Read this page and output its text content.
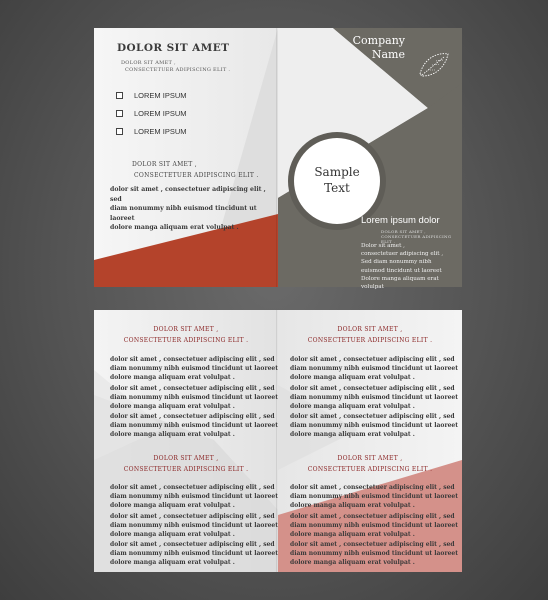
DOLOR SIT AMET
DOLOR SIT AMET ,
CONSECTETUER ADIPISCING ELIT .
LOREM IPSUM
LOREM IPSUM
LOREM IPSUM
DOLOR SIT AMET ,
CONSECTETUER ADIPISCING ELIT .
dolor sit amet , consectetuer adipiscing elit , sed
diam nonummy nibh euismod tincidunt ut laoreet
dolore manga aliquam erat volulpat .
Company
Name
Sample
Text
Lorem ipsum dolor
DOLOR SIT AMET ,
CONSECTETUER ADIPISCING ELIT .
Dolor sit amet ,
consectetuer adipiscing elit ,
Sed diam nonummy nibh
euismod tincidunt ut laoreet
Dolore manga aliquam erat volulpat
DOLOR SIT AMET ,
CONSECTETUER ADIPISCING ELIT .
dolor sit amet , consectetuer adipiscing elit , sed
diam nonummy nibh euismod tincidunt ut laoreet
dolore manga aliquam erat volulpat .
dolor sit amet , consectetuer adipiscing elit , sed
diam nonummy nibh euismod tincidunt ut laoreet
dolore manga aliquam erat volulpat .
dolor sit amet , consectetuer adipiscing elit , sed
diam nonummy nibh euismod tincidunt ut laoreet
dolore manga aliquam erat volulpat .
DOLOR SIT AMET ,
CONSECTETUER ADIPISCING ELIT .
dolor sit amet , consectetuer adipiscing elit , sed
diam nonummy nibh euismod tincidunt ut laoreet
dolore manga aliquam erat volulpat .
dolor sit amet , consectetuer adipiscing elit , sed
diam nonummy nibh euismod tincidunt ut laoreet
dolore manga aliquam erat volulpat .
dolor sit amet , consectetuer adipiscing elit , sed
diam nonummy nibh euismod tincidunt ut laoreet
dolore manga aliquam erat volulpat .
DOLOR SIT AMET ,
CONSECTETUER ADIPISCING ELIT .
dolor sit amet , consectetuer adipiscing elit , sed
diam nonummy nibh euismod tincidunt ut laoreet
dolore manga aliquam erat volulpat .
dolor sit amet , consectetuer adipiscing elit , sed
diam nonummy nibh euismod tincidunt ut laoreet
dolore manga aliquam erat volulpat .
dolor sit amet , consectetuer adipiscing elit , sed
diam nonummy nibh euismod tincidunt ut laoreet
dolore manga aliquam erat volulpat .
DOLOR SIT AMET ,
CONSECTETUER ADIPISCING ELIT .
dolor sit amet , consectetuer adipiscing elit , sed
diam nonummy nibh euismod tincidunt ut laoreet
dolore manga aliquam erat volulpat .
dolor sit amet , consectetuer adipiscing elit , sed
diam nonummy nibh euismod tincidunt ut laoreet
dolore manga aliquam erat volulpat .
dolor sit amet , consectetuer adipiscing elit , sed
diam nonummy nibh euismod tincidunt ut laoreet
dolore manga aliquam erat volulpat .
